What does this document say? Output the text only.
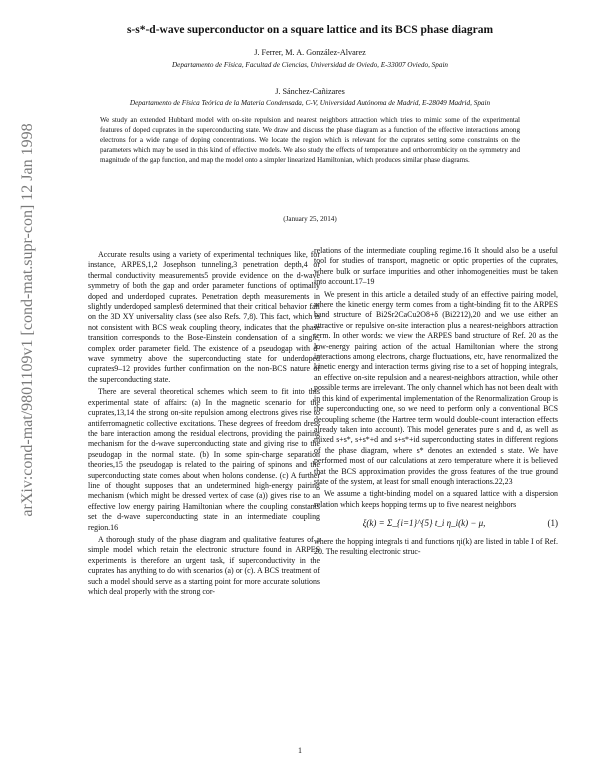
arXiv:cond-mat/9801109v1 [cond-mat.supr-con] 12 Jan 1998
s-s*-d-wave superconductor on a square lattice and its BCS phase diagram
J. Ferrer, M. A. González-Alvarez
Departamento de Física, Facultad de Ciencias, Universidad de Oviedo, E-33007 Oviedo, Spain
J. Sánchez-Cañizares
Departamento de Física Teórica de la Materia Condensada, C-V, Universidad Autónoma de Madrid, E-28049 Madrid, Spain
We study an extended Hubbard model with on-site repulsion and nearest neighbors attraction which tries to mimic some of the experimental features of doped cuprates in the superconducting state. We draw and discuss the phase diagram as a function of the effective interactions among electrons for a wide range of doping concentrations. We locate the region which is relevant for the cuprates setting some constraints on the parameters which may be used in this kind of effective models. We also study the effects of temperature and orthorrombicity on the symmetry and magnitude of the gap function, and map the model onto a simpler linearized Hamiltonian, which produces similar phase diagrams.
(January 25, 2014)

Accurate results using a variety of experimental techniques like, for instance, ARPES,1,2 Josephson tunneling,3 penetration depth,4 or thermal conductivity measurements5 provide evidence on the d-wave symmetry of both the gap and order parameter functions of optimally doped and underdoped cuprates. Penetration depth measurements in slightly underdoped samples6 determined that their critical behavior fall on the 3D XY universality class (see also Refs. 7,8). This fact, which is not consistent with BCS weak coupling theory, indicates that the phase transition corresponds to the Bose-Einstein condensation of a single, complex order parameter field. The existence of a pseudogap with d-wave symmetry above the superconducting state for underdoped cuprates9–12 provides further confirmation on the non-BCS nature of the superconducting state.

There are several theoretical schemes which seem to fit into this experimental state of affairs: (a) In the magnetic scenario for the cuprates,13,14 the strong on-site repulsion among electrons gives rise to antiferromagnetic collective excitations. These degrees of freedom dress the bare interaction among the residual electrons, providing the pairing mechanism for the d-wave superconducting state and giving rise to the pseudogap in the normal state. (b) In some spin-charge separation theories,15 the pseudogap is related to the pairing of spinons and the superconducting state comes about when holons condense. (c) A further line of thought supposes that an undetermined high-energy pairing mechanism (which might be dressed vertex of case (a)) gives rise to an effective low energy pairing Hamiltonian where the coupling constants set the d-wave superconducting state in an intermediate coupling region.16

A thorough study of the phase diagram and qualitative features of a simple model which retain the electronic structure found in ARPES experiments is therefore an urgent task, if superconductivity in the cuprates has anything to do with scenarios (a) or (c). A BCS treatment of such a model should serve as a starting point for more accurate solutions which deal properly with the strong cor-

relations of the intermediate coupling regime.16 It should also be a useful tool for studies of transport, magnetic or optic properties of the cuprates, where bulk or surface impurities and other inhomogeneities must be taken into account.17–19

We present in this article a detailed study of an effective pairing model, where the kinetic energy term comes from a tight-binding fit to the ARPES band structure of Bi2Sr2CaCu2O8+δ (Bi2212),20 and we use either an attractive or repulsive on-site interaction plus a nearest-neighbors attraction term. In other words: we view the ARPES band structure of Ref. 20 as the low-energy pairing action of the actual Hamiltonian where the strong interactions among electrons, charge fluctuations, etc, have renormalized the kinetic energy and interaction terms giving rise to a set of hopping integrals, an effective on-site repulsion and a nearest-neighbors attraction, while other possible terms are irrelevant. The only channel which has not been dealt with in this kind of experimental implementation of the Renormalization Group is the superconducting one, so we need to perform only a conventional BCS decoupling scheme (the Hartree term would double-count interaction effects already taken into account). This model generates pure s and d, as well as mixed s+s*, s+s*+d and s+s*+id superconducting states in different regions of the phase diagram, where s* denotes an extended s state. We have performed most of our calculations at zero temperature where it is believed that the BCS approximation provides the gross features of the true ground state of the system, at least for small enough interactions.22,23

We assume a tight-binding model on a squared lattice with a dispersion relation which keeps hopping terms up to five nearest neighbors

ξ(k) = Σ_{i=1}^{5} t_i η_i(k) − μ,	(1)

where the hopping integrals ti and functions ηi(k) are listed in table I of Ref. 20. The resulting electronic struc-

1
